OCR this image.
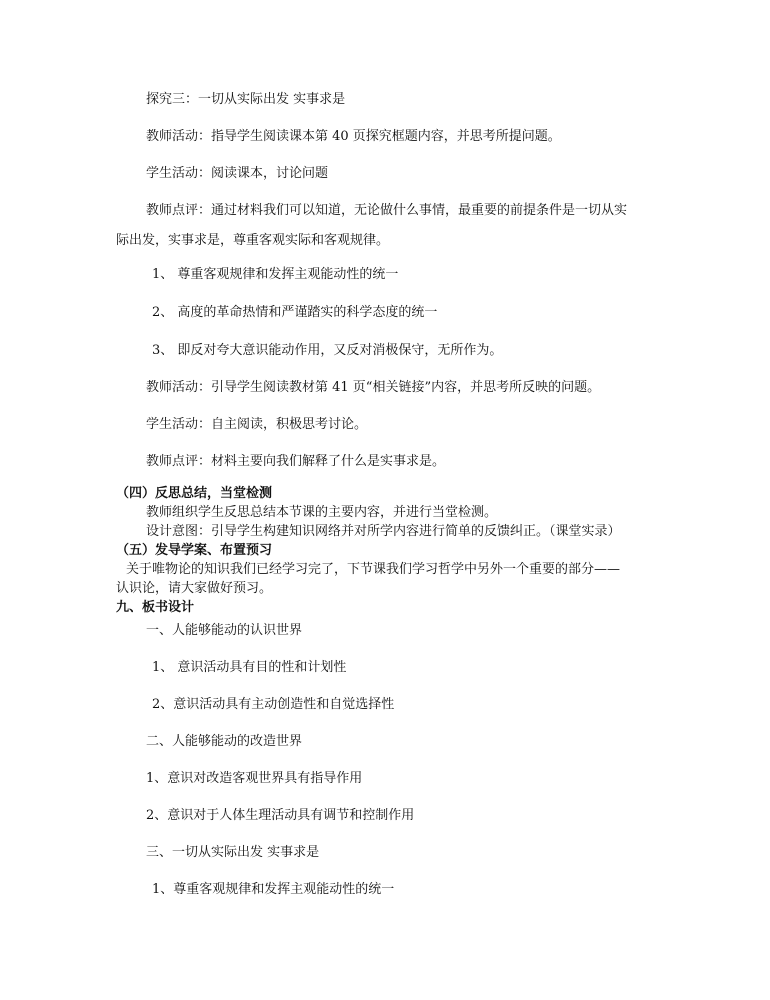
探究三：一切从实际出发 实事求是

教师活动：指导学生阅读课本第 40 页探究框题内容，并思考所提问题。

学生活动：阅读课本，讨论问题

教师点评：通过材料我们可以知道，无论做什么事情，最重要的前提条件是一切从实

际出发，实事求是，尊重客观实际和客观规律。

1、 尊重客观规律和发挥主观能动性的统一

2、 高度的革命热情和严谨踏实的科学态度的统一

3、 即反对夸大意识能动作用，又反对消极保守，无所作为。

教师活动：引导学生阅读教材第 41 页“相关链接”内容，并思考所反映的问题。

学生活动：自主阅读，积极思考讨论。

教师点评：材料主要向我们解释了什么是实事求是。

（四）反思总结，当堂检测

教师组织学生反思总结本节课的主要内容，并进行当堂检测。

设计意图：引导学生构建知识网络并对所学内容进行简单的反馈纠正。（课堂实录）

（五）发导学案、布置预习

关于唯物论的知识我们已经学习完了，下节课我们学习哲学中另外一个重要的部分——

认识论，请大家做好预习。

九、板书设计

一、人能够能动的认识世界

1、 意识活动具有目的性和计划性

2、意识活动具有主动创造性和自觉选择性

二、人能够能动的改造世界

1、意识对改造客观世界具有指导作用

2、意识对于人体生理活动具有调节和控制作用

三、一切从实际出发 实事求是

1、尊重客观规律和发挥主观能动性的统一
